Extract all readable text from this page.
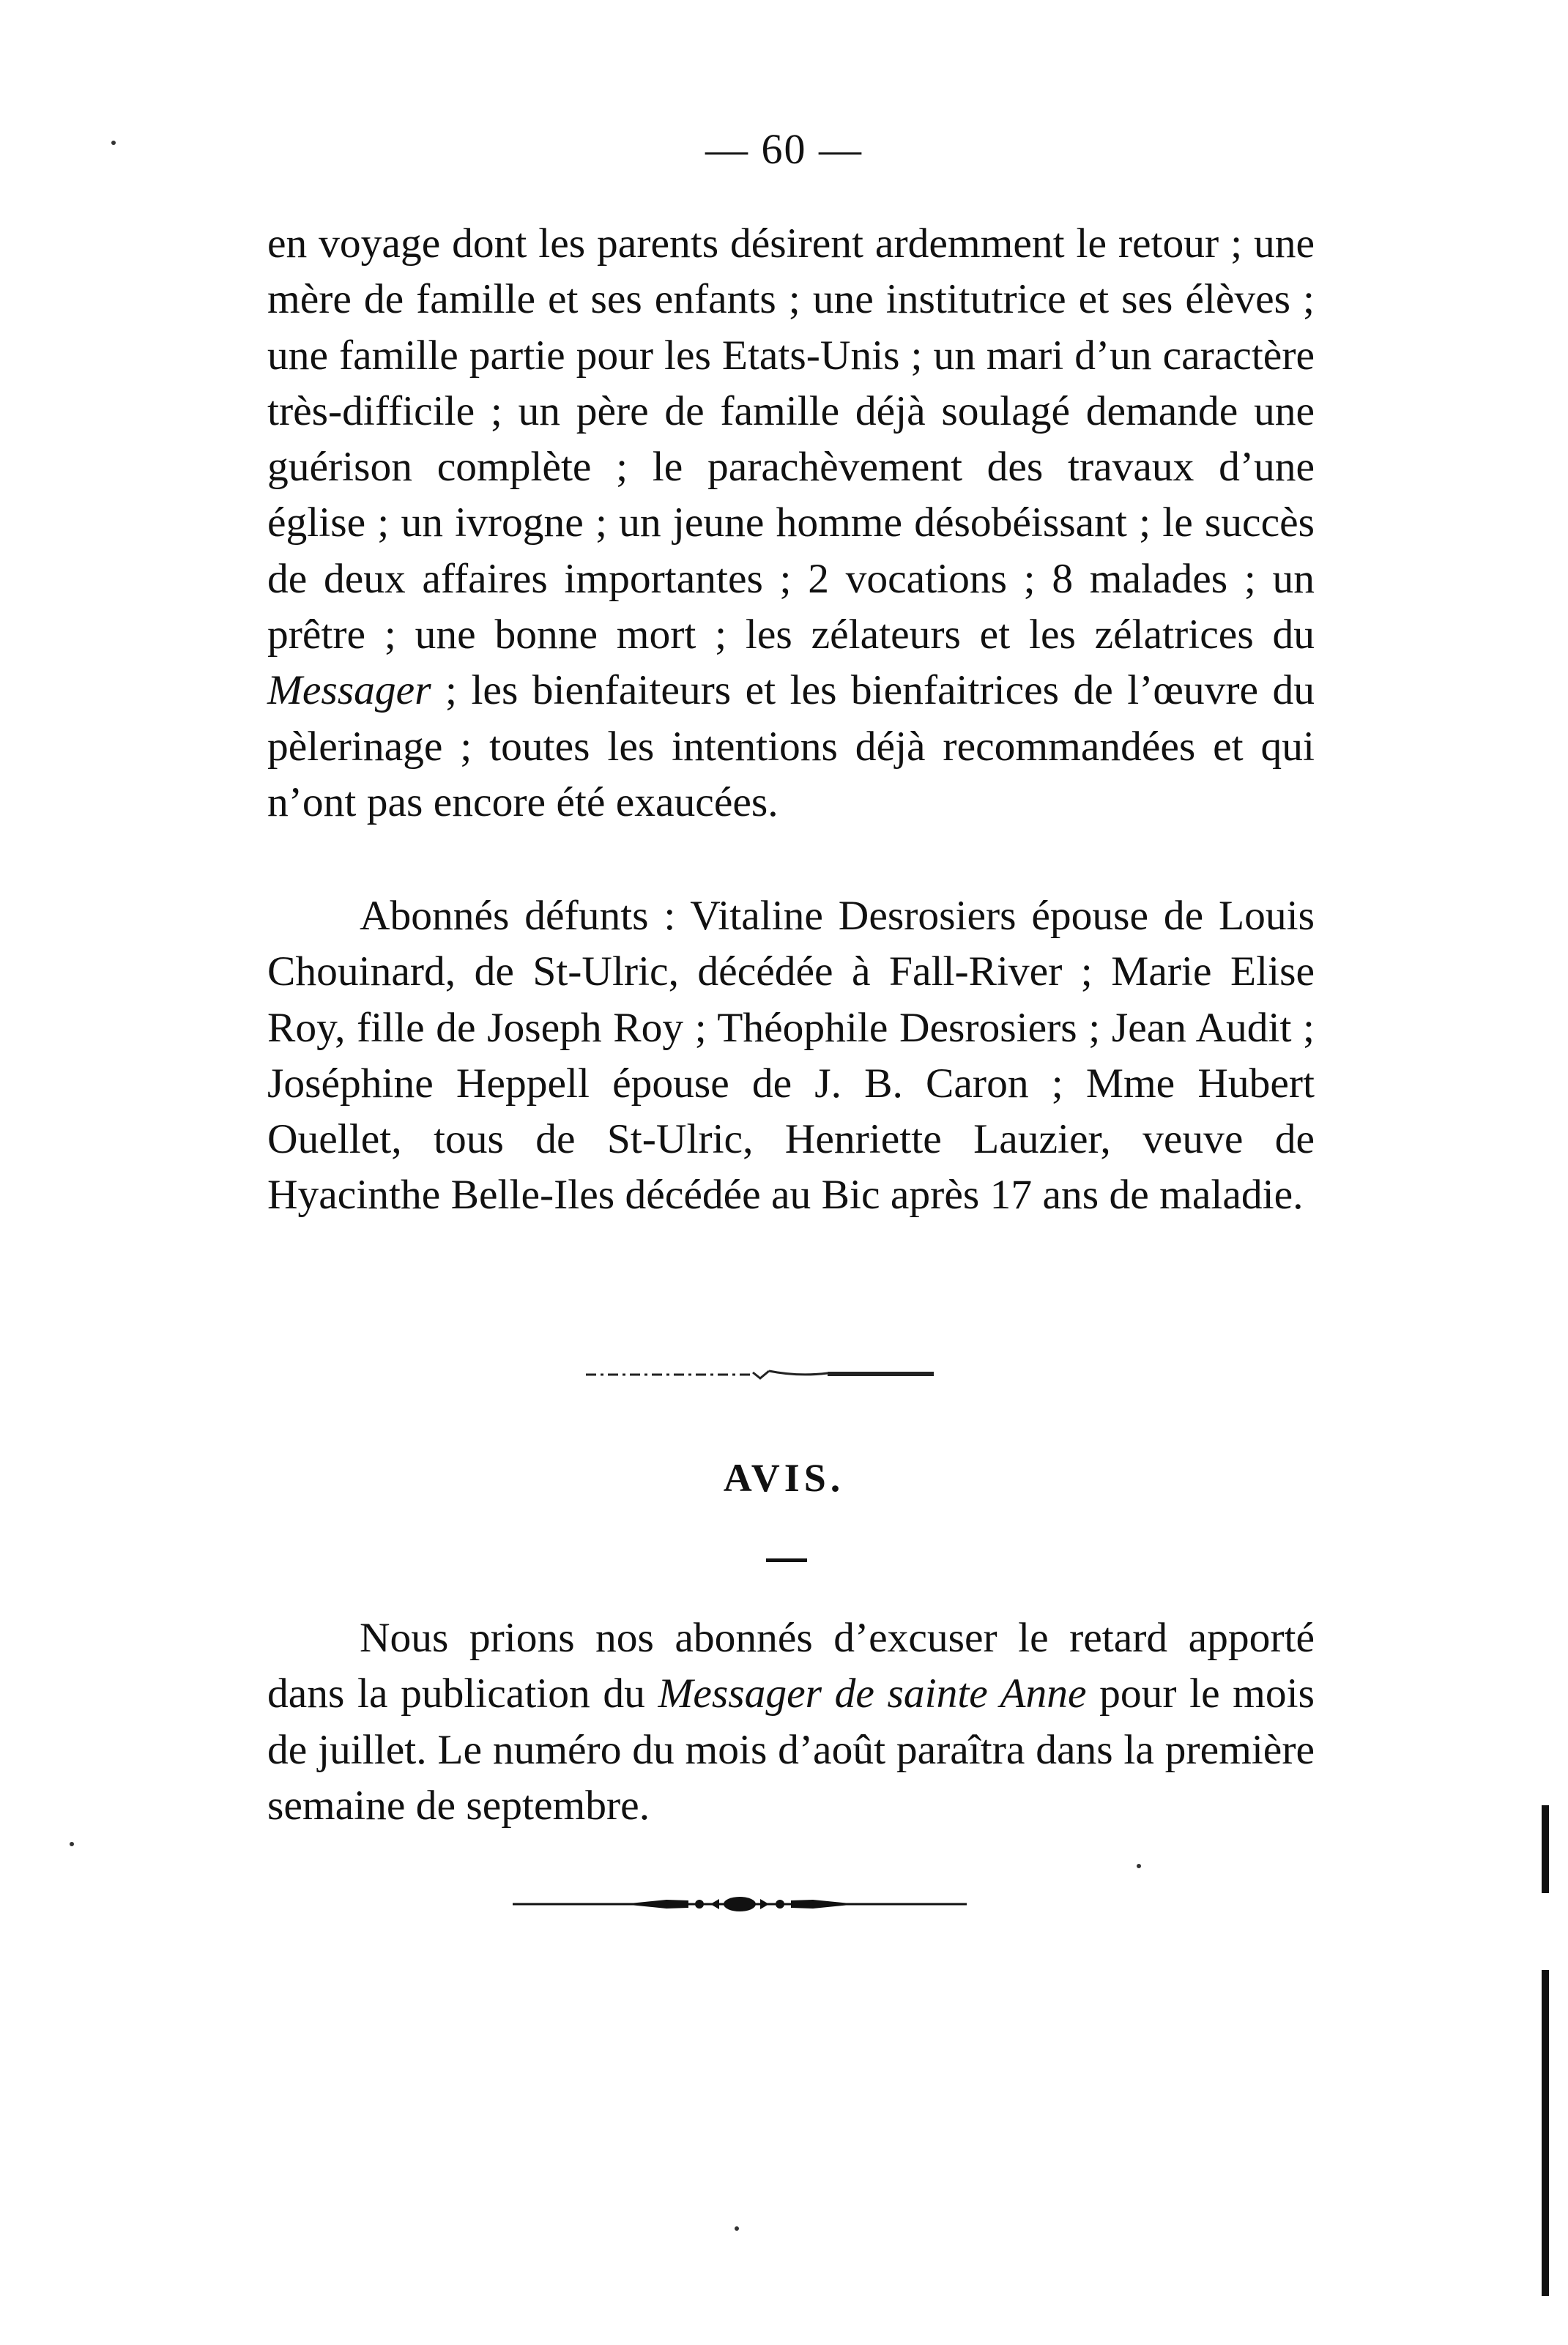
— 60 —

en voyage dont les parents désirent ardemment le retour ; une mère de famille et ses enfants ; une institutrice et ses élèves ; une famille partie pour les Etats-Unis ; un mari d’un caractère très-difficile ; un père de famille déjà soulagé demande une guérison complète ; le parachèvement des travaux d’une église ; un ivrogne ; un jeune homme désobéissant ; le succès de deux affaires importantes ; 2 vocations ; 8 malades ; un prêtre ; une bonne mort ; les zélateurs et les zélatrices du Messager ; les bienfaiteurs et les bienfaitrices de l’œuvre du pèlerinage ; toutes les intentions déjà recommandées et qui n’ont pas encore été exaucées.

Abonnés défunts : Vitaline Desrosiers épouse de Louis Chouinard, de St-Ulric, décédée à Fall-River ; Marie Elise Roy, fille de Joseph Roy ; Théophile Desrosiers ; Jean Audit ; Joséphine Heppell épouse de J. B. Caron ; Mme Hubert Ouellet, tous de St-Ulric, Henriette Lauzier, veuve de Hyacinthe Belle-Iles décédée au Bic après 17 ans de maladie.

AVIS.

Nous prions nos abonnés d’excuser le retard apporté dans la publication du Messager de sainte Anne pour le mois de juillet. Le numéro du mois d’août paraîtra dans la première semaine de septembre.
